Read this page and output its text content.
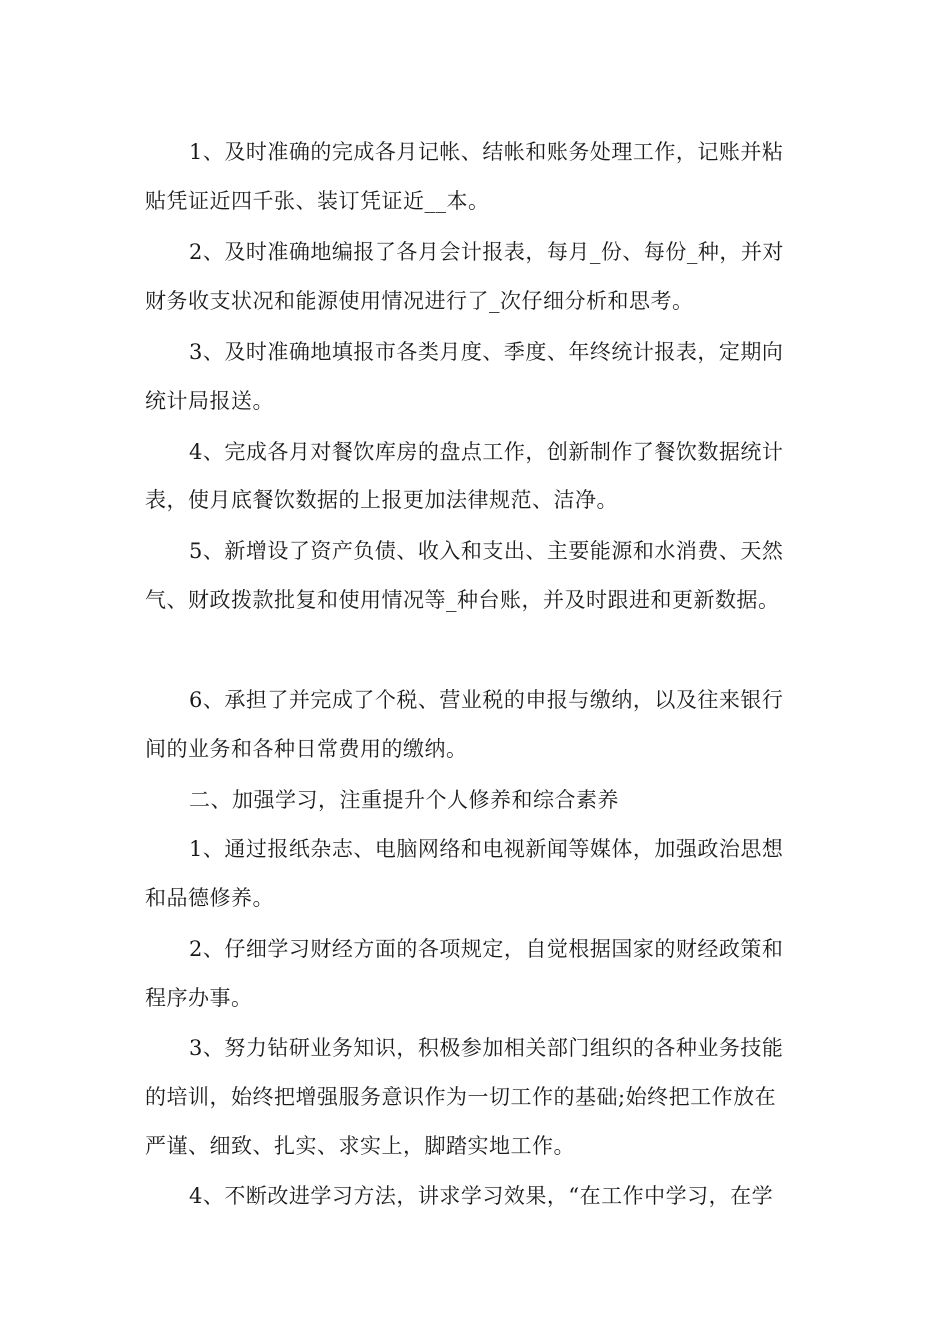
1、及时准确的完成各月记帐、结帐和账务处理工作，记账并粘
贴凭证近四千张、装订凭证近__本。
2、及时准确地编报了各月会计报表，每月_份、每份_种，并对
财务收支状况和能源使用情况进行了_次仔细分析和思考。
3、及时准确地填报市各类月度、季度、年终统计报表，定期向
统计局报送。
4、完成各月对餐饮库房的盘点工作，创新制作了餐饮数据统计
表，使月底餐饮数据的上报更加法律规范、洁净。
5、新增设了资产负债、收入和支出、主要能源和水消费、天然
气、财政拨款批复和使用情况等_种台账，并及时跟进和更新数据。
6、承担了并完成了个税、营业税的申报与缴纳，以及往来银行
间的业务和各种日常费用的缴纳。
二、加强学习，注重提升个人修养和综合素养
1、通过报纸杂志、电脑网络和电视新闻等媒体，加强政治思想
和品德修养。
2、仔细学习财经方面的各项规定，自觉根据国家的财经政策和
程序办事。
3、努力钻研业务知识，积极参加相关部门组织的各种业务技能
的培训，始终把增强服务意识作为一切工作的基础;始终把工作放在
严谨、细致、扎实、求实上，脚踏实地工作。
4、不断改进学习方法，讲求学习效果，“在工作中学习，在学
